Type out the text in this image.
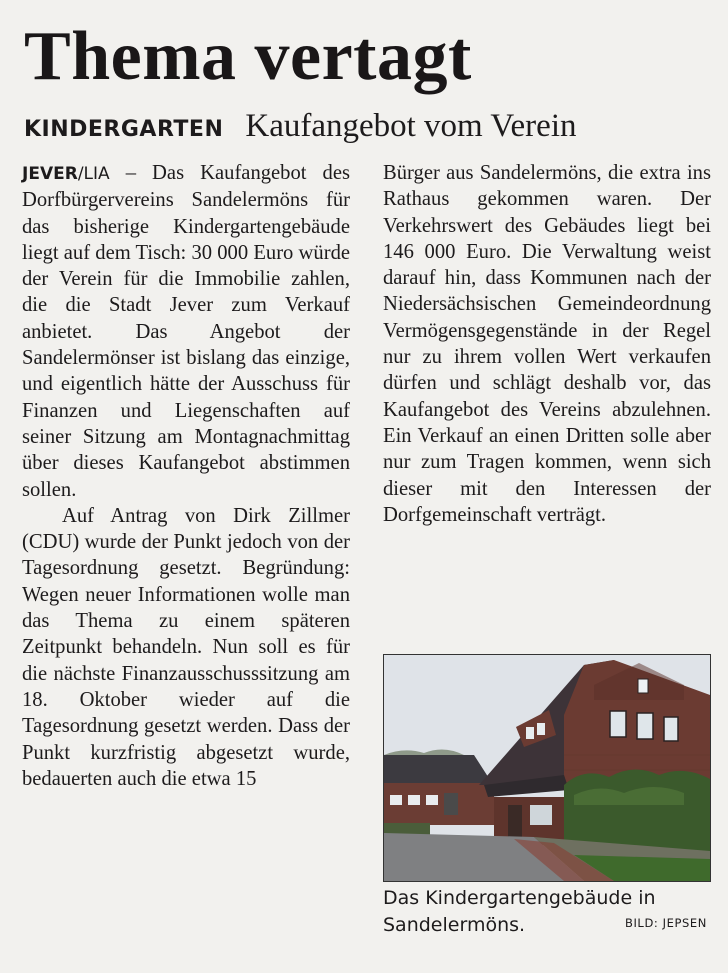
Thema vertagt
KINDERGARTEN Kaufangebot vom Verein

JEVER/LIA – Das Kaufangebot des Dorfbürgervereins Sandelermöns für das bisherige Kindergartengebäude liegt auf dem Tisch: 30 000 Euro würde der Verein für die Immobilie zahlen, die die Stadt Jever zum Verkauf anbietet. Das Angebot der Sandelermönser ist bislang das einzige, und eigentlich hätte der Ausschuss für Finanzen und Liegenschaften auf seiner Sitzung am Montagnachmittag über dieses Kaufangebot abstimmen sollen.

Auf Antrag von Dirk Zillmer (CDU) wurde der Punkt jedoch von der Tagesordnung gesetzt. Begründung: Wegen neuer Informationen wolle man das Thema zu einem späteren Zeitpunkt behandeln. Nun soll es für die nächste Finanzausschusssitzung am 18. Oktober wieder auf die Tagesordnung gesetzt werden. Dass der Punkt kurzfristig abgesetzt wurde, bedauerten auch die etwa 15

Bürger aus Sandelermöns, die extra ins Rathaus gekommen waren. Der Verkehrswert des Gebäudes liegt bei 146 000 Euro. Die Verwaltung weist darauf hin, dass Kommunen nach der Niedersächsischen Gemeindeordnung Vermögensgegenstände in der Regel nur zu ihrem vollen Wert verkaufen dürfen und schlägt deshalb vor, das Kaufangebot des Vereins abzulehnen. Ein Verkauf an einen Dritten solle aber nur zum Tragen kommen, wenn sich dieser mit den Interessen der Dorfgemeinschaft verträgt.

Das Kindergartengebäude in Sandelermöns.	BILD: JEPSEN
